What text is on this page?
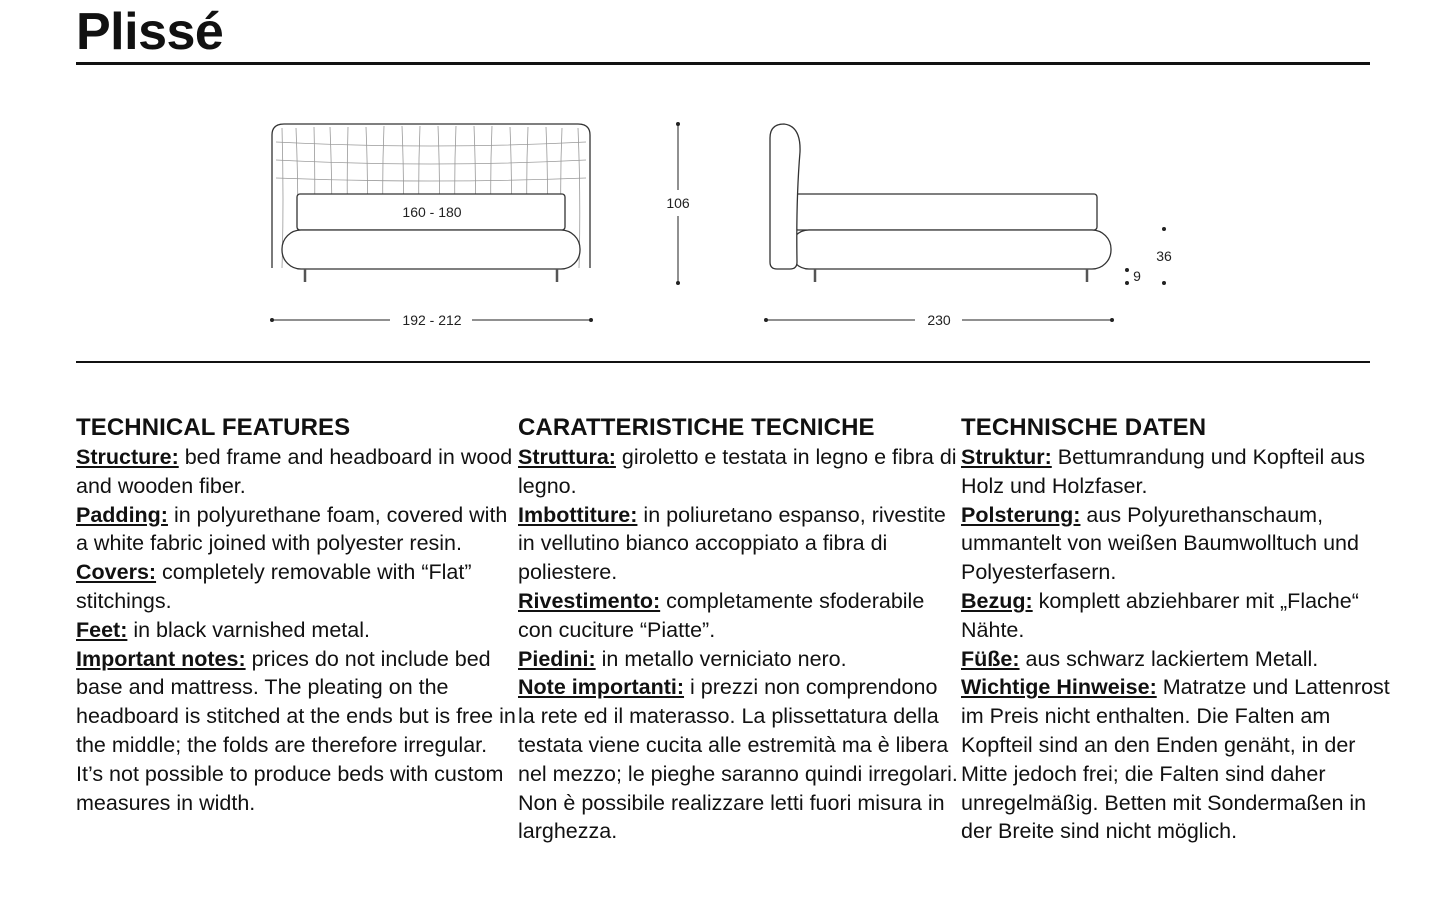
Plissé
160 - 180
192 - 212
106
230
36
9
TECHNICAL FEATURES

Structure: bed frame and headboard in wood and wooden fiber.

Padding: in polyurethane foam, covered with a white fabric joined with polyester resin.

Covers: completely removable with “Flat” stitchings.

Feet: in black varnished metal.

Important notes: prices do not include bed base and mattress. The pleating on the headboard is stitched at the ends but is free in the middle; the folds are therefore irregular. It’s not possible to produce beds with custom measures in width.

CARATTERISTICHE TECNICHE

Struttura: giroletto e testata in legno e fibra di legno.

Imbottiture: in poliuretano espanso, rivestite in vellutino bianco accoppiato a fibra di poliestere.

Rivestimento: completamente sfoderabile con cuciture “Piatte”.

Piedini: in metallo verniciato nero.

Note importanti: i prezzi non comprendono la rete ed il materasso. La plissettatura della testata viene cucita alle estremità ma è libera nel mezzo; le pieghe saranno quindi irregolari. Non è possibile realizzare letti fuori misura in larghezza.

TECHNISCHE DATEN

Struktur: Bettumrandung und Kopfteil aus Holz und Holzfaser.

Polsterung: aus Polyurethanschaum, ummantelt von weißen Baumwolltuch und Polyesterfasern.

Bezug: komplett abziehbarer mit „Flache“ Nähte.

Füße: aus schwarz lackiertem Metall.

Wichtige Hinweise: Matratze und Lattenrost im Preis nicht enthalten. Die Falten am Kopfteil sind an den Enden genäht, in der Mitte jedoch frei; die Falten sind daher unregelmäßig. Betten mit Sondermaßen in der Breite sind nicht möglich.
